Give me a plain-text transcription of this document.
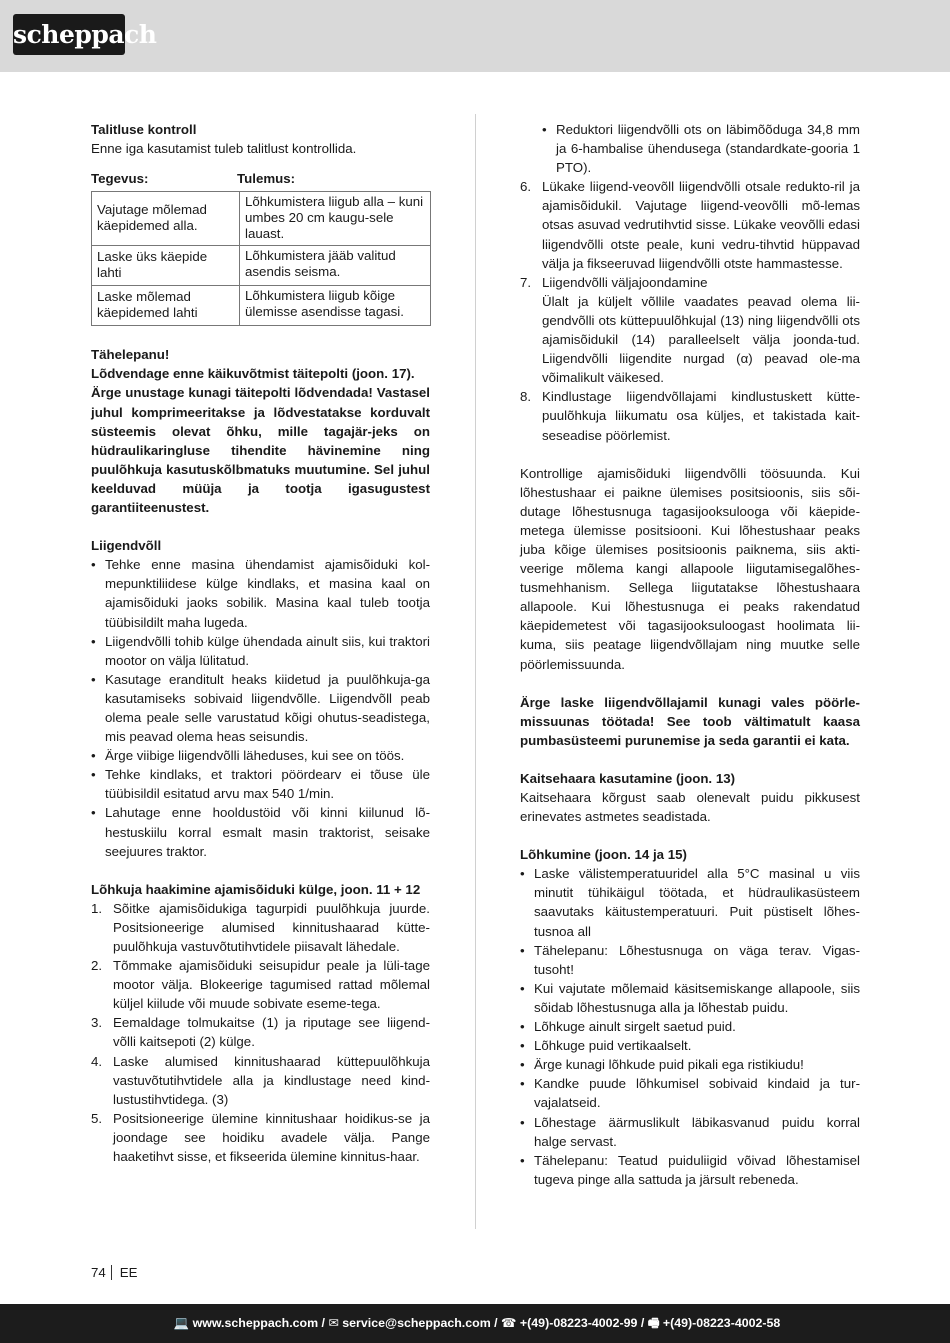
scheppach

Talitluse kontroll

Enne iga kasutamist tuleb talitlust kontrollida.

Tegevus:	Tulemus:
Vajutage mõlemad käepidemed alla.	Lõhkumistera liigub alla – kuni umbes 20 cm kaugu-sele lauast.
Laske üks käepide lahti	Lõhkumistera jääb valitud asendis seisma.
Laske mõlemad käepidemed lahti	Lõhkumistera liigub kõige ülemisse asendisse tagasi.

Tähelepanu!

Lõdvendage enne käikuvõtmist täitepolti (joon. 17).

Ärge unustage kunagi täitepolti lõdvendada! Vastasel juhul komprimeeritakse ja lõdvestatakse korduvalt süsteemis olevat õhku, mille tagajär-jeks on hüdraulikaringluse tihendite hävinemine ning puulõhkuja kasutuskõlbmatuks muutumine. Sel juhul keelduvad müüja ja tootja igasugustest garantiiteenustest.

Liigendvõll

• Tehke enne masina ühendamist ajamisõiduki kol-mepunktiliidese külge kindlaks, et masina kaal on ajamisõiduki jaoks sobilik. Masina kaal tuleb tootja tüübisildilt maha lugeda.
• Liigendvõlli tohib külge ühendada ainult siis, kui traktori mootor on välja lülitatud.
• Kasutage eranditult heaks kiidetud ja puulõhkuja-ga kasutamiseks sobivaid liigendvõlle. Liigendvõll peab olema peale selle varustatud kõigi ohutus-seadistega, mis peavad olema heas seisundis.
• Ärge viibige liigendvõlli läheduses, kui see on töös.
• Tehke kindlaks, et traktori pöördearv ei tõuse üle tüübisildil esitatud arvu max 540 1/min.
• Lahutage enne hooldustöid või kinni kiilunud lõ-hestuskiilu korral esmalt masin traktorist, seisake seejuures traktor.

Lõhkuja haakimine ajamisõiduki külge, joon. 11 + 12

1. Sõitke ajamisõidukiga tagurpidi puulõhkuja juurde. Positsioneerige alumised kinnitushaarad kütte-puulõhkuja vastuvõtutihvtidele piisavalt lähedale.
2. Tõmmake ajamisõiduki seisupidur peale ja lüli-tage mootor välja. Blokeerige tagumised rattad mõlemal küljel kiilude või muude sobivate eseme-tega.
3. Eemaldage tolmukaitse (1) ja riputage see liigend-võlli kaitsepoti (2) külge.
4. Laske alumised kinnitushaarad küttepuulõhkuja vastuvõtutihvtidele alla ja kindlustage need kind-lustustihvtidega. (3)
5. Positsioneerige ülemine kinnitushaar hoidikus-se ja joondage see hoidiku avadele välja. Pange haaketihvt sisse, et fikseerida ülemine kinnitus-haar.
• Reduktori liigendvõlli ots on läbimõõduga 34,8 mm ja 6-hambalise ühendusega (standardkate-gooria 1 PTO).
6. Lükake liigend-veovõll liigendvõlli otsale redukto-ril ja ajamisõidukil. Vajutage liigend-veovõlli mõ-lemas otsas asuvad vedrutihvtid sisse. Lükake veovõlli edasi liigendvõlli otste peale, kuni vedru-tihvtid hüppavad välja ja fikseeruvad liigendvõlli otste hammastesse.
7. Liigendvõlli väljajoondamine
Ülalt ja küljelt võllile vaadates peavad olema lii-gendvõlli ots küttepuulõhkujal (13) ning liigendvõlli ots ajamisõidukil (14) paralleelselt välja joonda-tud. Liigendvõlli liigendite nurgad (α) peavad ole-ma võimalikult väikesed.
8. Kindlustage liigendvõllajami kindlustuskett kütte-puulõhkuja liikumatu osa küljes, et takistada kait-seseadise pöörlemist.

Kontrollige ajamisõiduki liigendvõlli töösuunda. Kui lõhestushaar ei paikne ülemises positsioonis, siis sõi-dutage lõhestusnuga tagasijooksulooga või käepide-metega ülemisse positsiooni. Kui lõhestushaar peaks juba kõige ülemises positsioonis paiknema, siis akti-veerige mõlema kangi allapoole liigutamisegalõhes-tusmehhanism. Sellega liigutatakse lõhestushaara allapoole. Kui lõhestusnuga ei peaks rakendatud käepidemetest või tagasijooksuloogast hoolimata lii-kuma, siis peatage liigendvõllajam ning muutke selle pöörlemissuunda.

Ärge laske liigendvõllajamil kunagi vales pöörle-missuunas töötada! See toob vältimatult kaasa pumbasüsteemi purunemise ja seda garantii ei kata.

Kaitsehaara kasutamine (joon. 13)

Kaitsehaara kõrgust saab olenevalt puidu pikkusest erinevates astmetes seadistada.

Lõhkumine (joon. 14 ja 15)

• Laske välistemperatuuridel alla 5°C masinal u viis minutit tühikäigul töötada, et hüdraulikasüsteem saavutaks käitustemperatuuri. Puit püstiselt lõhes-tusnoa all
• Tähelepanu: Lõhestusnuga on väga terav. Vigas-tusoht!
• Kui vajutate mõlemaid käsitsemiskange allapoole, siis sõidab lõhestusnuga alla ja lõhestab puidu.
• Lõhkuge ainult sirgelt saetud puid.
• Lõhkuge puid vertikaalselt.
• Ärge kunagi lõhkude puid pikali ega ristikiudu!
• Kandke puude lõhkumisel sobivaid kindaid ja tur-vajalatseid.
• Lõhestage äärmuslikult läbikasvanud puidu korral halge servast.
• Tähelepanu: Teatud puiduliigid võivad lõhestamisel tugeva pinge alla sattuda ja järsult rebeneda.
74 EE
💻 www.scheppach.com / ✉ service@scheppach.com / ☎ +(49)-08223-4002-99 / 🖷 +(49)-08223-4002-58
